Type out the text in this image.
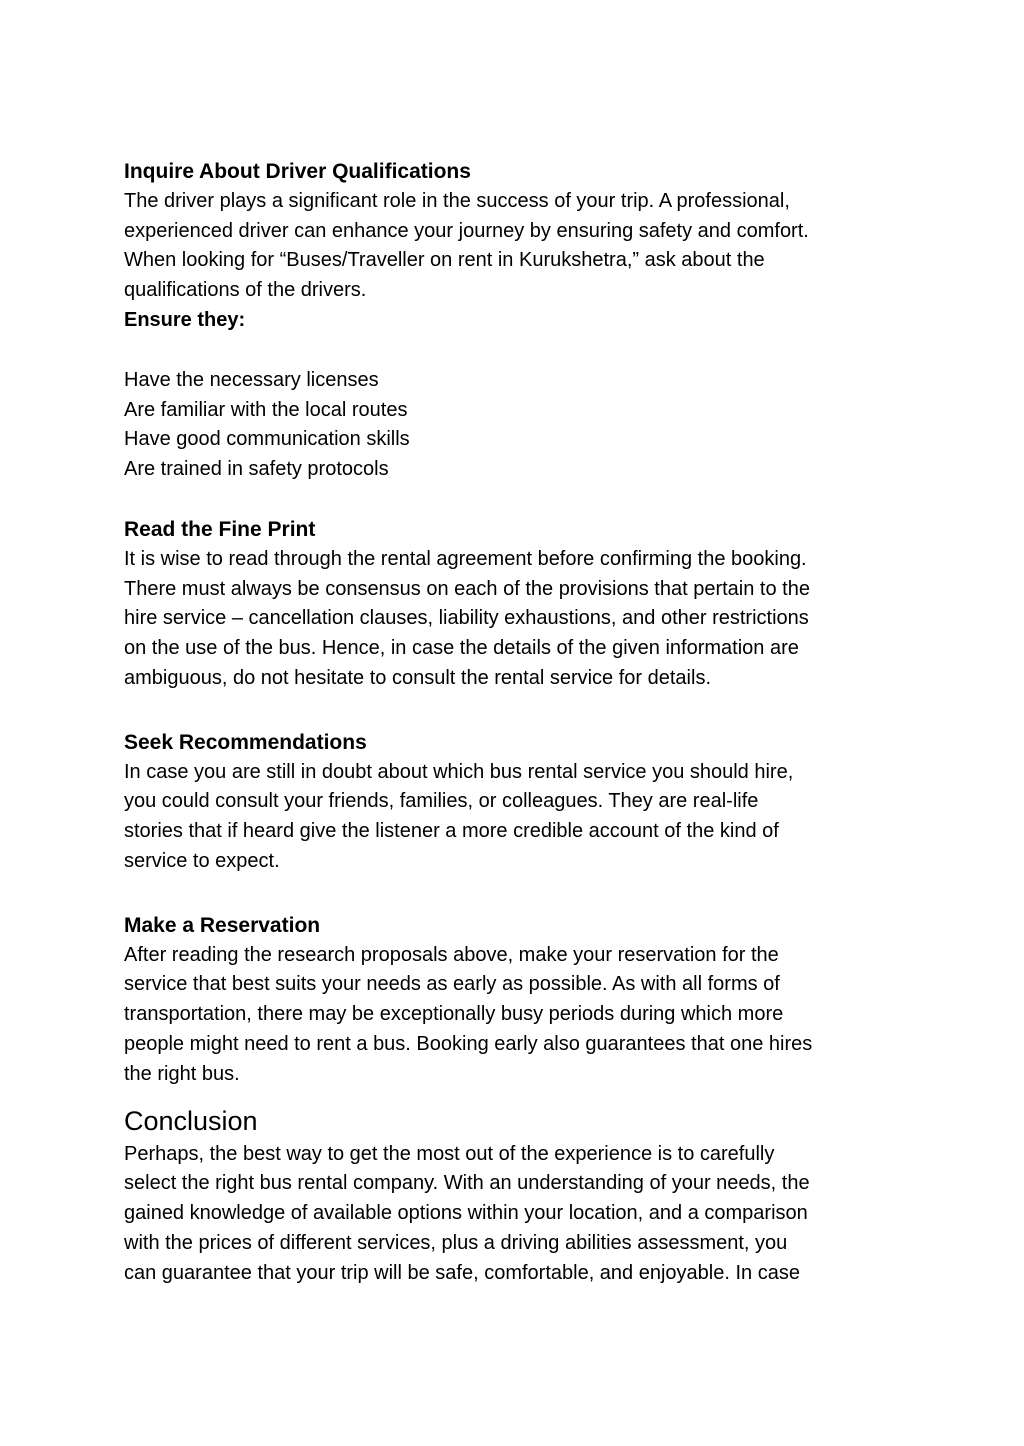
Inquire About Driver Qualifications
The driver plays a significant role in the success of your trip. A professional,
experienced driver can enhance your journey by ensuring safety and comfort.
When looking for “Buses/Traveller on rent in Kurukshetra,” ask about the
qualifications of the drivers.
Ensure they:
Have the necessary licenses
Are familiar with the local routes
Have good communication skills
Are trained in safety protocols
Read the Fine Print
It is wise to read through the rental agreement before confirming the booking.
There must always be consensus on each of the provisions that pertain to the
hire service – cancellation clauses, liability exhaustions, and other restrictions
on the use of the bus. Hence, in case the details of the given information are
ambiguous, do not hesitate to consult the rental service for details.
Seek Recommendations
In case you are still in doubt about which bus rental service you should hire,
you could consult your friends, families, or colleagues. They are real-life
stories that if heard give the listener a more credible account of the kind of
service to expect.
Make a Reservation
After reading the research proposals above, make your reservation for the
service that best suits your needs as early as possible. As with all forms of
transportation, there may be exceptionally busy periods during which more
people might need to rent a bus. Booking early also guarantees that one hires
the right bus.
Conclusion
Perhaps, the best way to get the most out of the experience is to carefully
select the right bus rental company. With an understanding of your needs, the
gained knowledge of available options within your location, and a comparison
with the prices of different services, plus a driving abilities assessment, you
can guarantee that your trip will be safe, comfortable, and enjoyable. In case
